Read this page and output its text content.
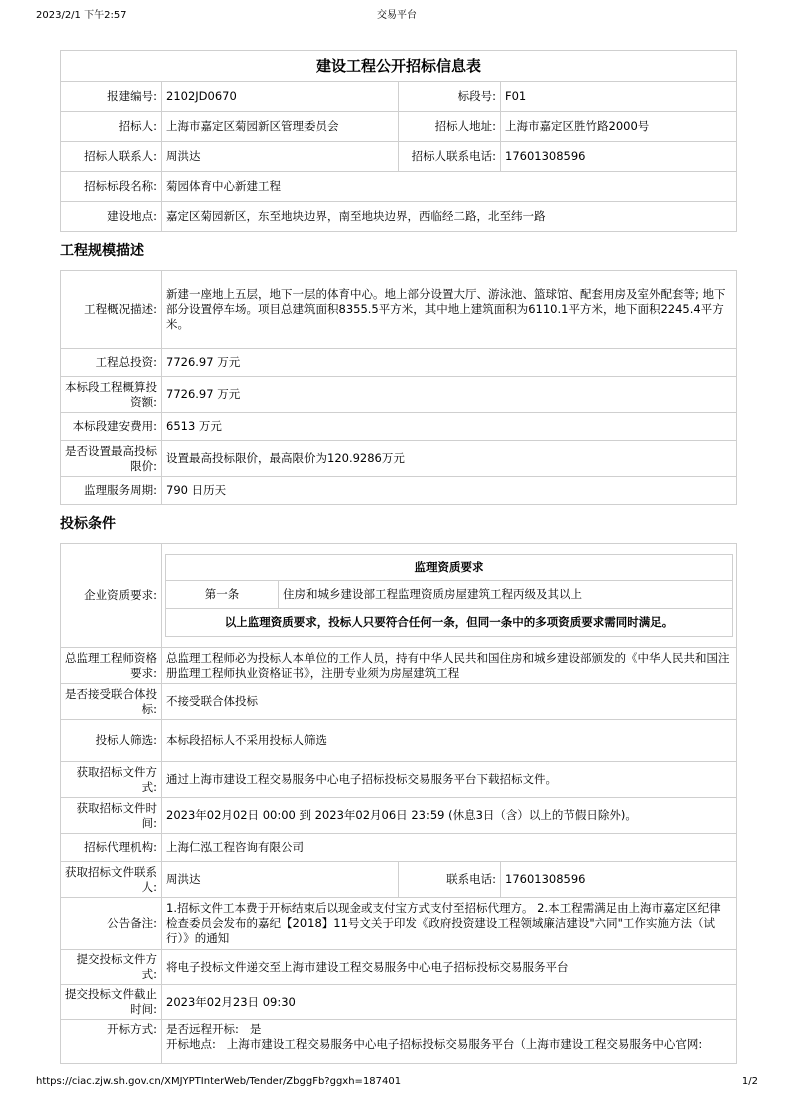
2023/2/1 下午2:57	交易平台
建设工程公开招标信息表			
报建编号:	2102JD0670	标段号:	F01
招标人:	上海市嘉定区菊园新区管理委员会	招标人地址:	上海市嘉定区胜竹路2000号
招标人联系人:	周洪达	招标人联系电话:	17601308596
招标标段名称:	菊园体育中心新建工程		
建设地点:	嘉定区菊园新区，东至地块边界，南至地块边界，西临经二路，北至纬一路		
工程规模描述
工程概况描述:	新建一座地上五层，地下一层的体育中心。地上部分设置大厅、游泳池、篮球馆、配套用房及室外配套等; 地下部分设置停车场。项目总建筑面积8355.5平方米，其中地上建筑面积为6110.1平方米，地下面积2245.4平方米。
工程总投资:	7726.97 万元
本标段工程概算投资额:	7726.97 万元
本标段建安费用:	6513 万元
是否设置最高投标限价:	设置最高投标限价，最高限价为120.9286万元
监理服务周期:	790 日历天
投标条件
企业资质要求:	
监理资质要求
第一条	住房和城乡建设部工程监理资质房屋建筑工程丙级及其以上
以上监理资质要求，投标人只要符合任何一条，但同一条中的多项资质要求需同时满足。

总监理工程师资格要求:	总监理工程师必为投标人本单位的工作人员，持有中华人民共和国住房和城乡建设部颁发的《中华人民共和国注册监理工程师执业资格证书》，注册专业须为房屋建筑工程
是否接受联合体投标:	不接受联合体投标
投标人筛选:	本标段招标人不采用投标人筛选
获取招标文件方式:	通过上海市建设工程交易服务中心电子招标投标交易服务平台下载招标文件。
获取招标文件时间:	2023年02月02日 00:00 到 2023年02月06日 23:59 (休息3日（含）以上的节假日除外)。
招标代理机构:	上海仁泓工程咨询有限公司
获取招标文件联系人:	周洪达	联系电话:	17601308596
公告备注:	1.招标文件工本费于开标结束后以现金或支付宝方式支付至招标代理方。 2.本工程需满足由上海市嘉定区纪律检查委员会发布的嘉纪【2018】11号文关于印发《政府投资建设工程领域廉洁建设"六同"工作实施方法（试行）》的通知
提交投标文件方式:	将电子投标文件递交至上海市建设工程交易服务中心电子招标投标交易服务平台
提交投标文件截止时间:	2023年02月23日 09:30
开标方式:	是否远程开标:   是
开标地点:   上海市建设工程交易服务中心电子招标投标交易服务平台（上海市建设工程交易服务中心官网:
https://ciac.zjw.sh.gov.cn/XMJYPTInterWeb/Tender/ZbggFb?ggxh=187401	1/2
